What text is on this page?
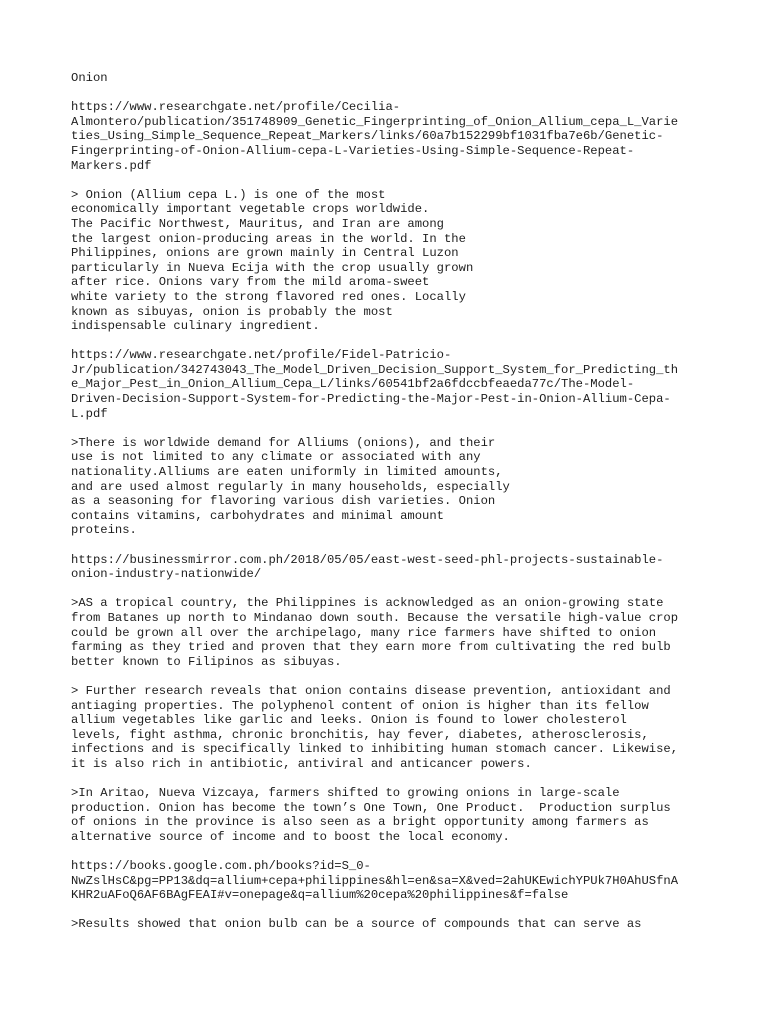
Onion

https://www.researchgate.net/profile/Cecilia-
Almontero/publication/351748909_Genetic_Fingerprinting_of_Onion_Allium_cepa_L_Varie
ties_Using_Simple_Sequence_Repeat_Markers/links/60a7b152299bf1031fba7e6b/Genetic-
Fingerprinting-of-Onion-Allium-cepa-L-Varieties-Using-Simple-Sequence-Repeat-
Markers.pdf

> Onion (Allium cepa L.) is one of the most
economically important vegetable crops worldwide.
The Pacific Northwest, Mauritus, and Iran are among
the largest onion-producing areas in the world. In the
Philippines, onions are grown mainly in Central Luzon
particularly in Nueva Ecija with the crop usually grown
after rice. Onions vary from the mild aroma-sweet
white variety to the strong flavored red ones. Locally
known as sibuyas, onion is probably the most
indispensable culinary ingredient.

https://www.researchgate.net/profile/Fidel-Patricio-
Jr/publication/342743043_The_Model_Driven_Decision_Support_System_for_Predicting_th
e_Major_Pest_in_Onion_Allium_Cepa_L/links/60541bf2a6fdccbfeaeda77c/The-Model-
Driven-Decision-Support-System-for-Predicting-the-Major-Pest-in-Onion-Allium-Cepa-
L.pdf

>There is worldwide demand for Alliums (onions), and their
use is not limited to any climate or associated with any
nationality.Alliums are eaten uniformly in limited amounts,
and are used almost regularly in many households, especially
as a seasoning for flavoring various dish varieties. Onion
contains vitamins, carbohydrates and minimal amount
proteins.

https://businessmirror.com.ph/2018/05/05/east-west-seed-phl-projects-sustainable-
onion-industry-nationwide/

>AS a tropical country, the Philippines is acknowledged as an onion-growing state
from Batanes up north to Mindanao down south. Because the versatile high-value crop
could be grown all over the archipelago, many rice farmers have shifted to onion
farming as they tried and proven that they earn more from cultivating the red bulb
better known to Filipinos as sibuyas.

> Further research reveals that onion contains disease prevention, antioxidant and
antiaging properties. The polyphenol content of onion is higher than its fellow
allium vegetables like garlic and leeks. Onion is found to lower cholesterol
levels, fight asthma, chronic bronchitis, hay fever, diabetes, atherosclerosis,
infections and is specifically linked to inhibiting human stomach cancer. Likewise,
it is also rich in antibiotic, antiviral and anticancer powers.

>In Aritao, Nueva Vizcaya, farmers shifted to growing onions in large-scale
production. Onion has become the town’s One Town, One Product.  Production surplus
of onions in the province is also seen as a bright opportunity among farmers as
alternative source of income and to boost the local economy.

https://books.google.com.ph/books?id=S_0-
NwZslHsC&pg=PP13&dq=allium+cepa+philippines&hl=en&sa=X&ved=2ahUKEwichYPUk7H0AhUSfnA
KHR2uAFoQ6AF6BAgFEAI#v=onepage&q=allium%20cepa%20philippines&f=false

>Results showed that onion bulb can be a source of compounds that can serve as
